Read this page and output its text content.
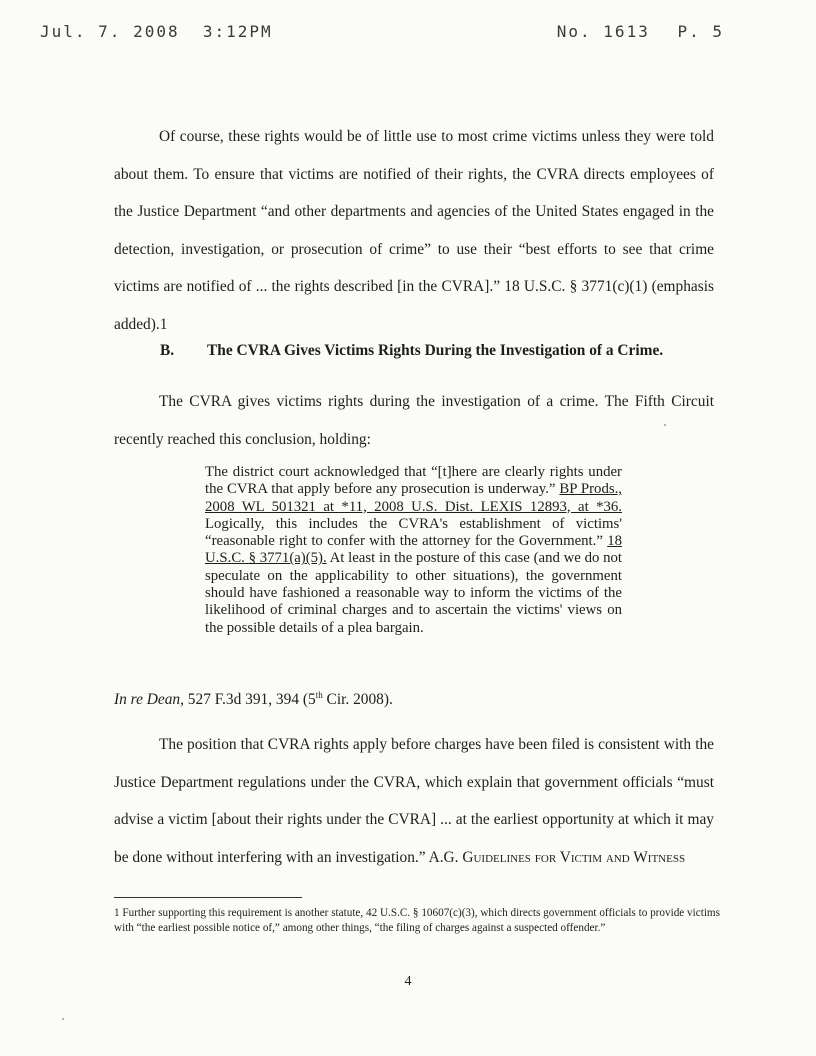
Jul. 7. 2008 3:12PM	No. 1613 P. 5

Of course, these rights would be of little use to most crime victims unless they were told about them. To ensure that victims are notified of their rights, the CVRA directs employees of the Justice Department “and other departments and agencies of the United States engaged in the detection, investigation, or prosecution of crime” to use their “best efforts to see that crime victims are notified of ... the rights described [in the CVRA].” 18 U.S.C. § 3771(c)(1) (emphasis added).1

B. The CVRA Gives Victims Rights During the Investigation of a Crime.

The CVRA gives victims rights during the investigation of a crime. The Fifth Circuit recently reached this conclusion, holding:

The district court acknowledged that “[t]here are clearly rights under the CVRA that apply before any prosecution is underway.” BP Prods., 2008 WL 501321 at *11, 2008 U.S. Dist. LEXIS 12893, at *36. Logically, this includes the CVRA's establishment of victims' “reasonable right to confer with the attorney for the Government.” 18 U.S.C. § 3771(a)(5). At least in the posture of this case (and we do not speculate on the applicability to other situations), the government should have fashioned a reasonable way to inform the victims of the likelihood of criminal charges and to ascertain the victims' views on the possible details of a plea bargain.

In re Dean, 527 F.3d 391, 394 (5th Cir. 2008).

The position that CVRA rights apply before charges have been filed is consistent with the Justice Department regulations under the CVRA, which explain that government officials “must advise a victim [about their rights under the CVRA] ... at the earliest opportunity at which it may be done without interfering with an investigation.” A.G. Guidelines for Victim and Witness

1 Further supporting this requirement is another statute, 42 U.S.C. § 10607(c)(3), which directs government officials to provide victims with “the earliest possible notice of,” among other things, “the filing of charges against a suspected offender.”

4
